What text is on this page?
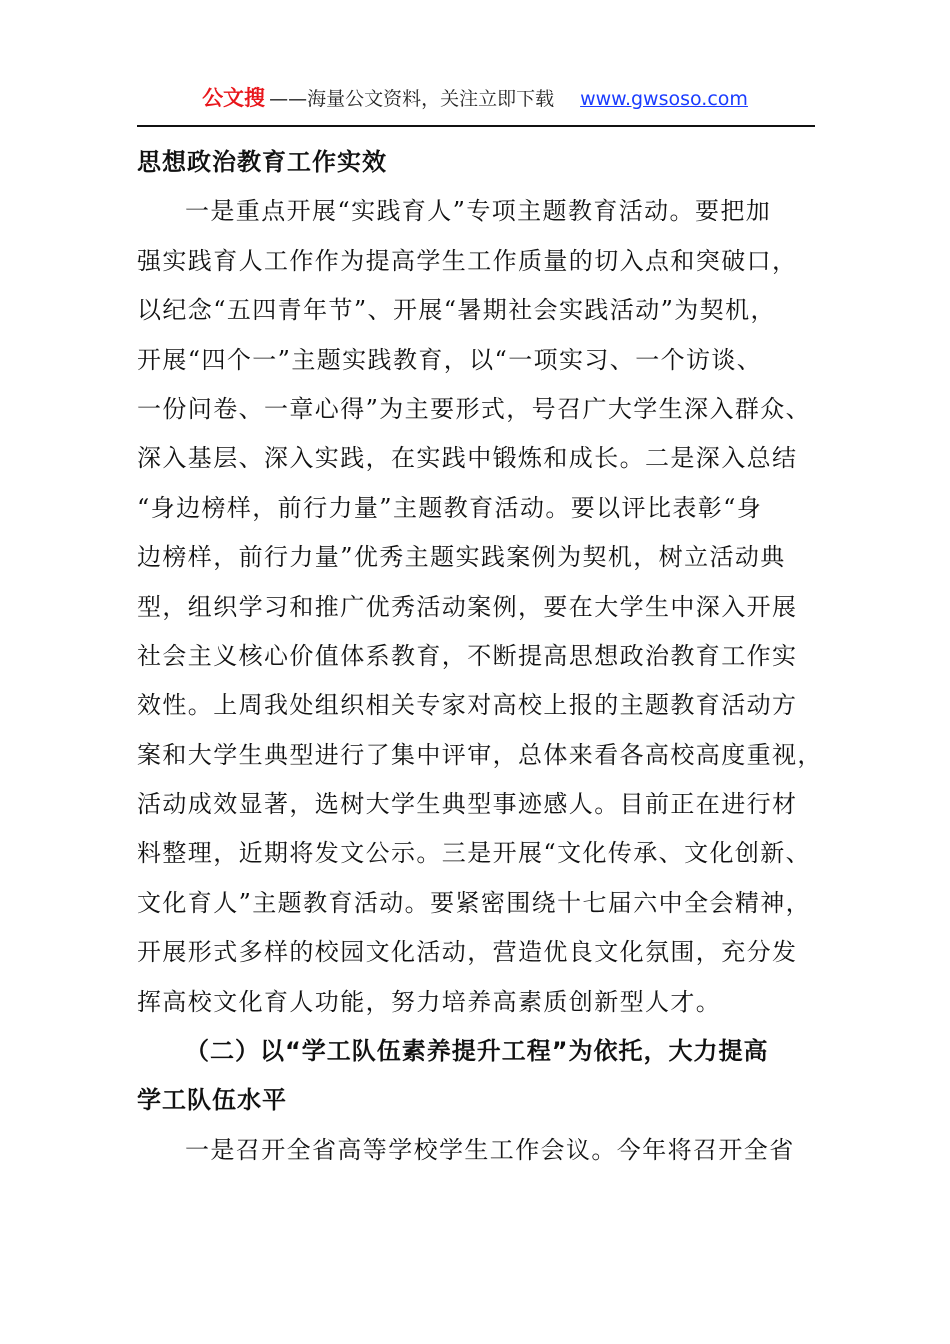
公文搜 ——海量公文资料，关注立即下载 www.gwsoso.com
思想政治教育工作实效
一是重点开展“实践育人”专项主题教育活动。要把加
强实践育人工作作为提高学生工作质量的切入点和突破口，
以纪念“五四青年节”、开展“暑期社会实践活动”为契机，
开展“四个一”主题实践教育，以“一项实习、一个访谈、
一份问卷、一章心得”为主要形式，号召广大学生深入群众、
深入基层、深入实践，在实践中锻炼和成长。二是深入总结
“身边榜样，前行力量”主题教育活动。要以评比表彰“身
边榜样，前行力量”优秀主题实践案例为契机，树立活动典
型，组织学习和推广优秀活动案例，要在大学生中深入开展
社会主义核心价值体系教育，不断提高思想政治教育工作实
效性。上周我处组织相关专家对高校上报的主题教育活动方
案和大学生典型进行了集中评审，总体来看各高校高度重视，
活动成效显著，选树大学生典型事迹感人。目前正在进行材
料整理，近期将发文公示。三是开展“文化传承、文化创新、
文化育人”主题教育活动。要紧密围绕十七届六中全会精神，
开展形式多样的校园文化活动，营造优良文化氛围，充分发
挥高校文化育人功能，努力培养高素质创新型人才。
（二）以“学工队伍素养提升工程”为依托，大力提高
学工队伍水平
一是召开全省高等学校学生工作会议。今年将召开全省
